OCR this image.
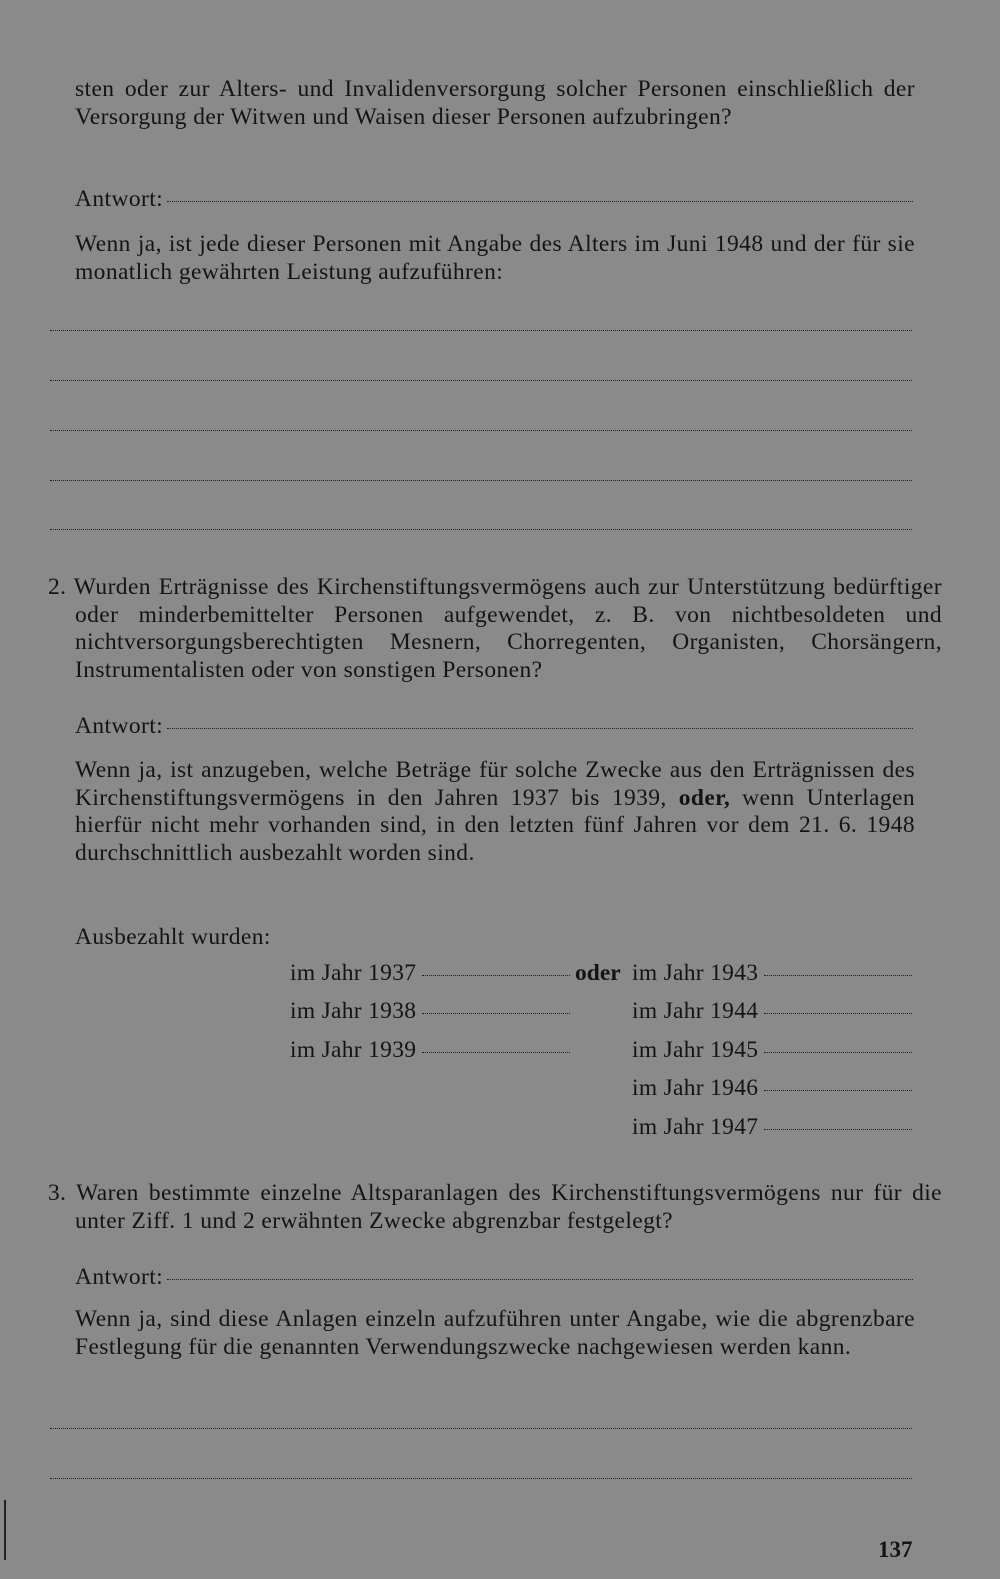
sten oder zur Alters- und Invalidenversorgung solcher Personen einschließlich der Versorgung der Witwen und Waisen dieser Personen aufzubringen?
Antwort:
Wenn ja, ist jede dieser Personen mit Angabe des Alters im Juni 1948 und der für sie monatlich gewährten Leistung aufzuführen:
2. Wurden Erträgnisse des Kirchenstiftungsvermögens auch zur Unterstützung bedürftiger oder minderbemittelter Personen aufgewendet, z. B. von nichtbesoldeten und nichtversorgungsberechtigten Mesnern, Chorregenten, Organisten, Chorsängern, Instrumentalisten oder von sonstigen Personen?
Antwort:
Wenn ja, ist anzugeben, welche Beträge für solche Zwecke aus den Erträgnissen des Kirchenstiftungsvermögens in den Jahren 1937 bis 1939, oder, wenn Unterlagen hierfür nicht mehr vorhanden sind, in den letzten fünf Jahren vor dem 21. 6. 1948 durchschnittlich ausbezahlt worden sind.
Ausbezahlt wurden:
im Jahr 1937
im Jahr 1938
im Jahr 1939
oder im Jahr 1943
im Jahr 1944
im Jahr 1945
im Jahr 1946
im Jahr 1947
3. Waren bestimmte einzelne Altsparanlagen des Kirchenstiftungsvermögens nur für die unter Ziff. 1 und 2 erwähnten Zwecke abgrenzbar festgelegt?
Antwort:
Wenn ja, sind diese Anlagen einzeln aufzuführen unter Angabe, wie die abgrenzbare Festlegung für die genannten Verwendungszwecke nachgewiesen werden kann.
137
